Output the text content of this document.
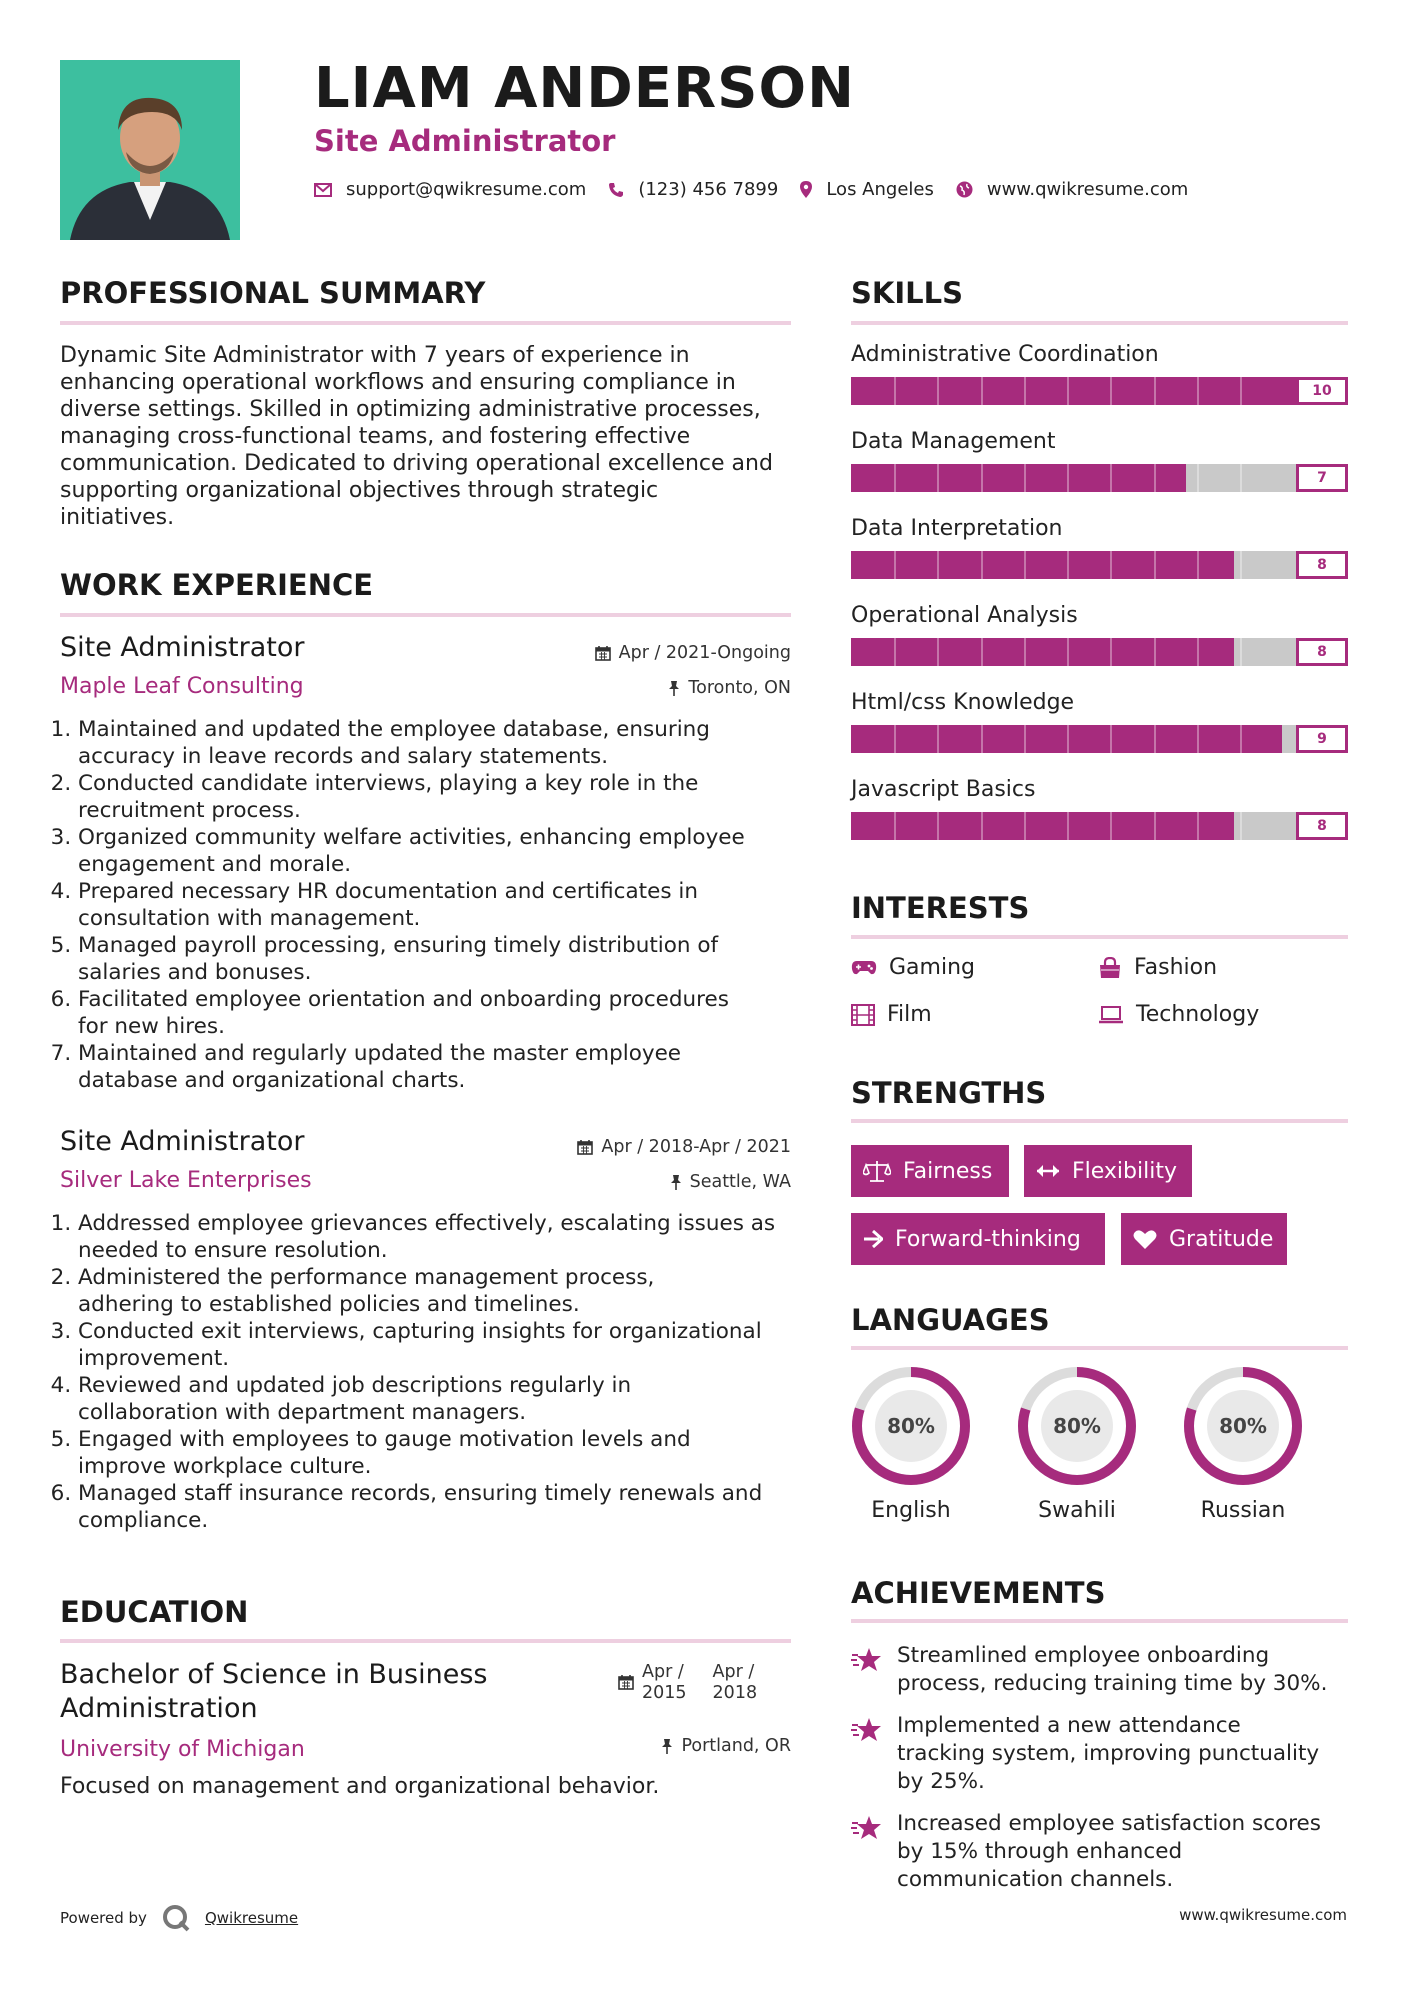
LIAM ANDERSON
Site Administrator
support@qwikresume.com	(123) 456 7899	Los Angeles	www.qwikresume.com
PROFESSIONAL SUMMARY
Dynamic Site Administrator with 7 years of experience in
enhancing operational workflows and ensuring compliance in
diverse settings. Skilled in optimizing administrative processes,
managing cross-functional teams, and fostering effective
communication. Dedicated to driving operational excellence and
supporting organizational objectives through strategic
initiatives.
WORK EXPERIENCE
Site Administrator	Apr / 2021-Ongoing
Maple Leaf Consulting	Toronto, ON
1. Maintained and updated the employee database, ensuring
accuracy in leave records and salary statements.
2. Conducted candidate interviews, playing a key role in the
recruitment process.
3. Organized community welfare activities, enhancing employee
engagement and morale.
4. Prepared necessary HR documentation and certificates in
consultation with management.
5. Managed payroll processing, ensuring timely distribution of
salaries and bonuses.
6. Facilitated employee orientation and onboarding procedures
for new hires.
7. Maintained and regularly updated the master employee
database and organizational charts.
Site Administrator	Apr / 2018-Apr / 2021
Silver Lake Enterprises	Seattle, WA
1. Addressed employee grievances effectively, escalating issues as
needed to ensure resolution.
2. Administered the performance management process,
adhering to established policies and timelines.
3. Conducted exit interviews, capturing insights for organizational
improvement.
4. Reviewed and updated job descriptions regularly in
collaboration with department managers.
5. Engaged with employees to gauge motivation levels and
improve workplace culture.
6. Managed staff insurance records, ensuring timely renewals and
compliance.
EDUCATION
Bachelor of Science in Business
Administration
Apr /
2015
Apr /
2018
University of Michigan	Portland, OR
Focused on management and organizational behavior.
SKILLS
Administrative Coordination
10
Data Management
7
Data Interpretation
8
Operational Analysis
8
Html/css Knowledge
9
Javascript Basics
8
INTERESTS
Gaming	Fashion
Film	Technology
STRENGTHS
Fairness	Flexibility
Forward-thinking	Gratitude
LANGUAGES
80%
English
80%
Swahili
80%
Russian
ACHIEVEMENTS
Streamlined employee onboarding
process, reducing training time by 30%.
Implemented a new attendance
tracking system, improving punctuality
by 25%.
Increased employee satisfaction scores
by 15% through enhanced
communication channels.
Powered by	Qwikresume	www.qwikresume.com
